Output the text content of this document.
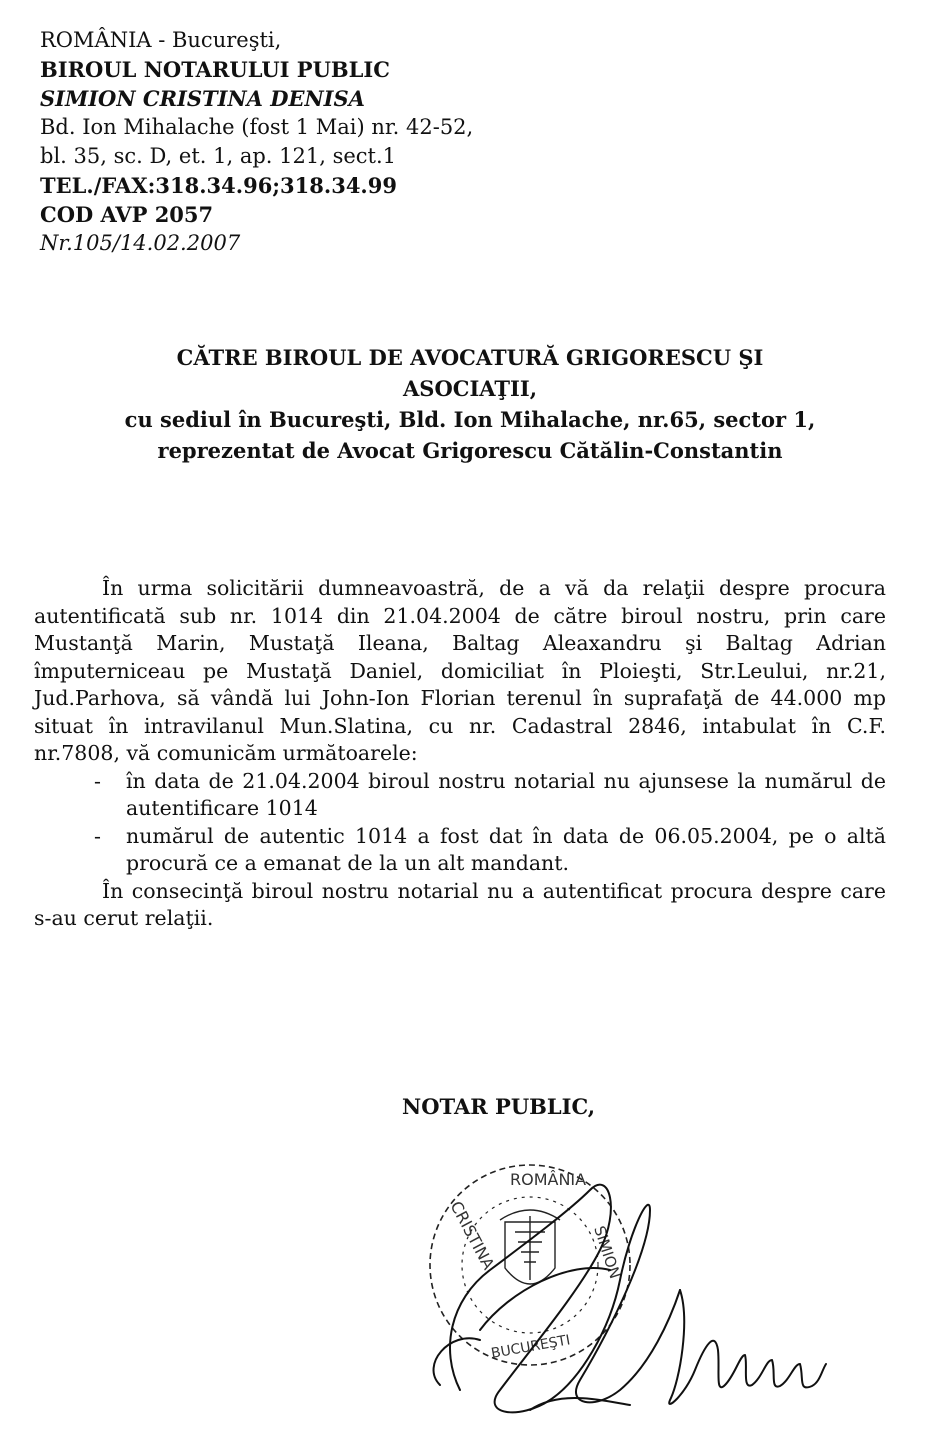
ROMÂNIA - Bucureşti,
BIROUL NOTARULUI PUBLIC
SIMION CRISTINA DENISA
Bd. Ion Mihalache (fost 1 Mai) nr. 42-52,
bl. 35, sc. D, et. 1, ap. 121, sect.1
TEL./FAX:318.34.96;318.34.99
COD AVP 2057
Nr.105/14.02.2007
CĂTRE BIROUL DE AVOCATURĂ GRIGORESCU ŞI
ASOCIAŢII,
cu sediul în Bucureşti, Bld. Ion Mihalache, nr.65, sector 1,
reprezentat de Avocat Grigorescu Cătălin-Constantin

În urma solicitării dumneavoastră, de a vă da relaţii despre procura autentificată sub nr. 1014 din 21.04.2004 de către biroul nostru, prin care Mustanţă Marin, Mustaţă Ileana, Baltag Aleaxandru şi Baltag Adrian împuterniceau pe Mustaţă Daniel, domiciliat în Ploieşti, Str.Leului, nr.21, Jud.Parhova, să vândă lui John-Ion Florian terenul în suprafaţă de 44.000 mp situat în intravilanul Mun.Slatina, cu nr. Cadastral 2846, intabulat în C.F. nr.7808, vă comunicăm următoarele:

- în data de 21.04.2004 biroul nostru notarial nu ajunsese la numărul de autentificare 1014
- numărul de autentic 1014 a fost dat în data de 06.05.2004, pe o altă procură ce a emanat de la un alt mandant.

În consecinţă biroul nostru notarial nu a autentificat procura despre care s-au cerut relaţii.

NOTAR PUBLIC,
ROMÂNIA
SIMION
CRISTINA
BUCUREŞTI
